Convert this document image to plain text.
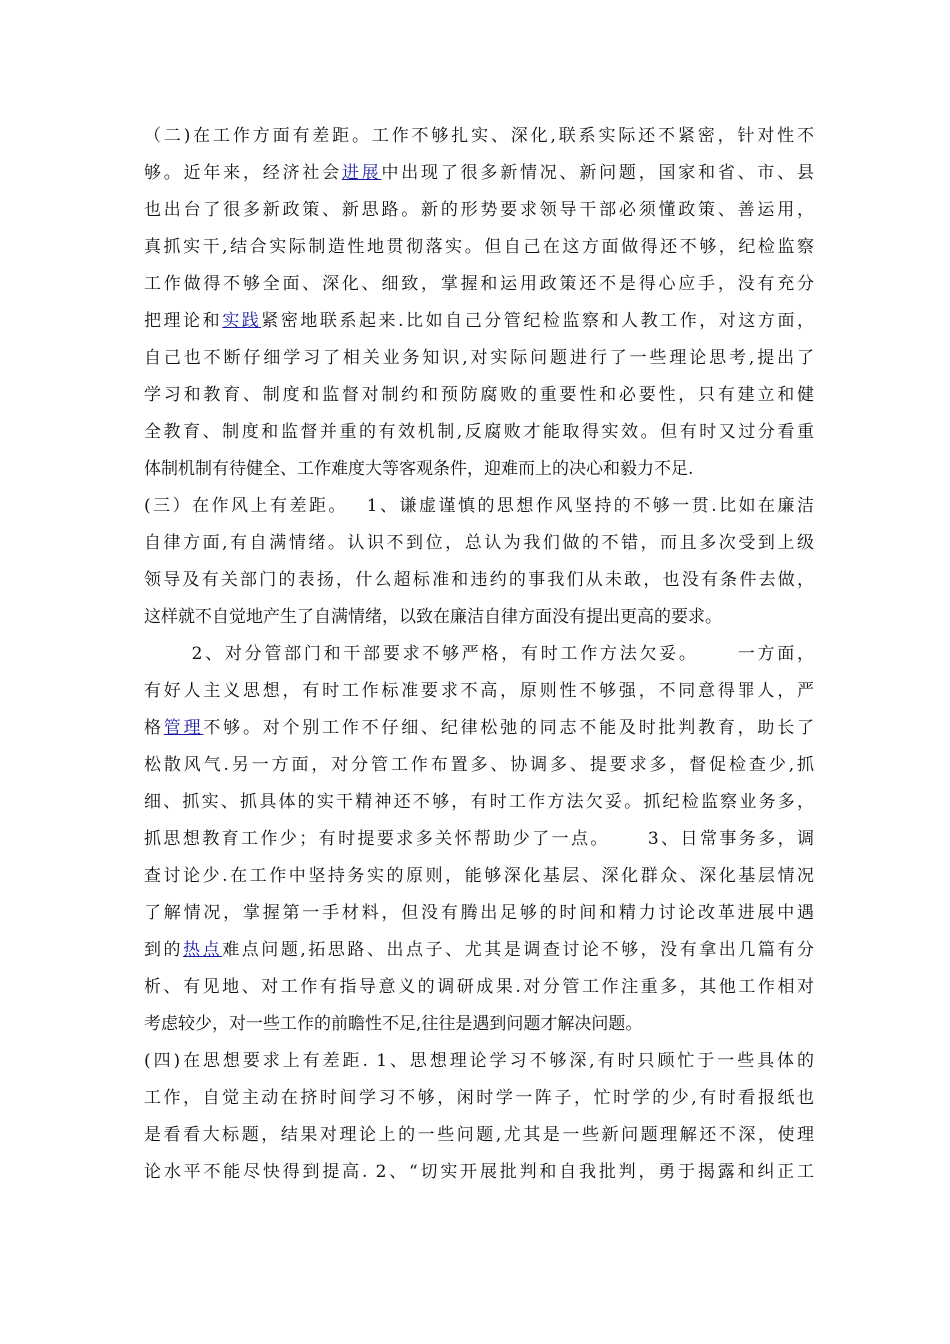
（二)在工作方面有差距。工作不够扎实、深化,联系实际还不紧密，针对性不
够。近年来，经济社会进展中出现了很多新情况、新问题，国家和省、市、县
也出台了很多新政策、新思路。新的形势要求领导干部必须懂政策、善运用，
真抓实干,结合实际制造性地贯彻落实。但自己在这方面做得还不够，纪检监察
工作做得不够全面、深化、细致，掌握和运用政策还不是得心应手，没有充分
把理论和实践紧密地联系起来.比如自己分管纪检监察和人教工作，对这方面，
自己也不断仔细学习了相关业务知识,对实际问题进行了一些理论思考,提出了
学习和教育、制度和监督对制约和预防腐败的重要性和必要性，只有建立和健
全教育、制度和监督并重的有效机制,反腐败才能取得实效。但有时又过分看重
体制机制有待健全、工作难度大等客观条件，迎难而上的决心和毅力不足.
(三）在作风上有差距。　 1、谦虚谨慎的思想作风坚持的不够一贯.比如在廉洁
自律方面,有自满情绪。认识不到位，总认为我们做的不错，而且多次受到上级
领导及有关部门的表扬，什么超标准和违约的事我们从未敢，也没有条件去做，
这样就不自觉地产生了自满情绪，以致在廉洁自律方面没有提出更高的要求。
　　 2、对分管部门和干部要求不够严格，有时工作方法欠妥。　　 一方面，
有好人主义思想，有时工作标准要求不高，原则性不够强，不同意得罪人，严
格管理不够。对个别工作不仔细、纪律松弛的同志不能及时批判教育，助长了
松散风气.另一方面，对分管工作布置多、协调多、提要求多，督促检查少,抓
细、抓实、抓具体的实干精神还不够，有时工作方法欠妥。抓纪检监察业务多，
抓思想教育工作少；有时提要求多关怀帮助少了一点。　　 3、日常事务多，调
查讨论少.在工作中坚持务实的原则，能够深化基层、深化群众、深化基层情况
了解情况，掌握第一手材料，但没有腾出足够的时间和精力讨论改革进展中遇
到的热点难点问题,拓思路、出点子、尤其是调查讨论不够，没有拿出几篇有分
析、有见地、对工作有指导意义的调研成果.对分管工作注重多，其他工作相对
考虑较少，对一些工作的前瞻性不足,往往是遇到问题才解决问题。
(四)在思想要求上有差距. 1、思想理论学习不够深,有时只顾忙于一些具体的
工作，自觉主动在挤时间学习不够，闲时学一阵子，忙时学的少,有时看报纸也
是看看大标题，结果对理论上的一些问题,尤其是一些新问题理解还不深，使理
论水平不能尽快得到提高. 2、“切实开展批判和自我批判，勇于揭露和纠正工
